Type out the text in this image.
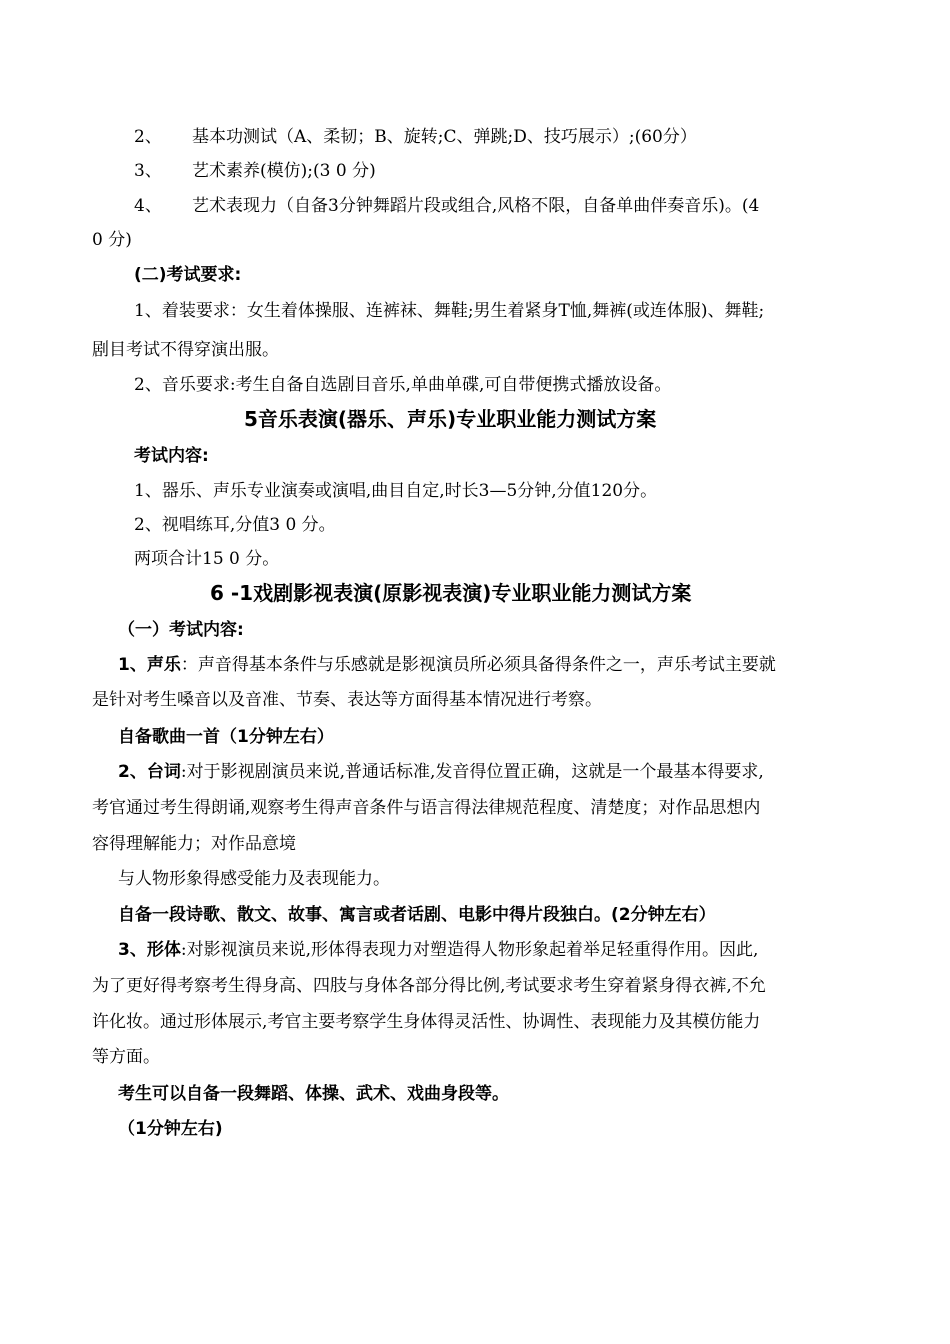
2、 基本功测试（A、柔韧；B、旋转;C、弹跳;D、技巧展示）;(60分）
3、 艺术素养(模仿);(3 0 分)
4、 艺术表现力（自备3分钟舞蹈片段或组合,风格不限，自备单曲伴奏音乐)。(4
0 分)
(二)考试要求:
1、着装要求：女生着体操服、连裤袜、舞鞋;男生着紧身T恤,舞裤(或连体服)、舞鞋;
剧目考试不得穿演出服。
2、音乐要求:考生自备自选剧目音乐,单曲单碟,可自带便携式播放设备。
5音乐表演(器乐、声乐)专业职业能力测试方案
考试内容:
1、器乐、声乐专业演奏或演唱,曲目自定,时长3—5分钟,分值120分。
2、视唱练耳,分值3 0 分。
两项合计15 0 分。
6 -1戏剧影视表演(原影视表演)专业职业能力测试方案
（一）考试内容:
1、声乐：声音得基本条件与乐感就是影视演员所必须具备得条件之一，声乐考试主要就
是针对考生嗓音以及音准、节奏、表达等方面得基本情况进行考察。
自备歌曲一首（1分钟左右）
2、台词:对于影视剧演员来说,普通话标准,发音得位置正确，这就是一个最基本得要求,
考官通过考生得朗诵,观察考生得声音条件与语言得法律规范程度、清楚度；对作品思想内
容得理解能力；对作品意境
与人物形象得感受能力及表现能力。
自备一段诗歌、散文、故事、寓言或者话剧、电影中得片段独白。(2分钟左右）
3、形体:对影视演员来说,形体得表现力对塑造得人物形象起着举足轻重得作用。因此,
为了更好得考察考生得身高、四肢与身体各部分得比例,考试要求考生穿着紧身得衣裤,不允
许化妆。通过形体展示,考官主要考察学生身体得灵活性、协调性、表现能力及其模仿能力
等方面。
考生可以自备一段舞蹈、体操、武术、戏曲身段等。
（1分钟左右)
